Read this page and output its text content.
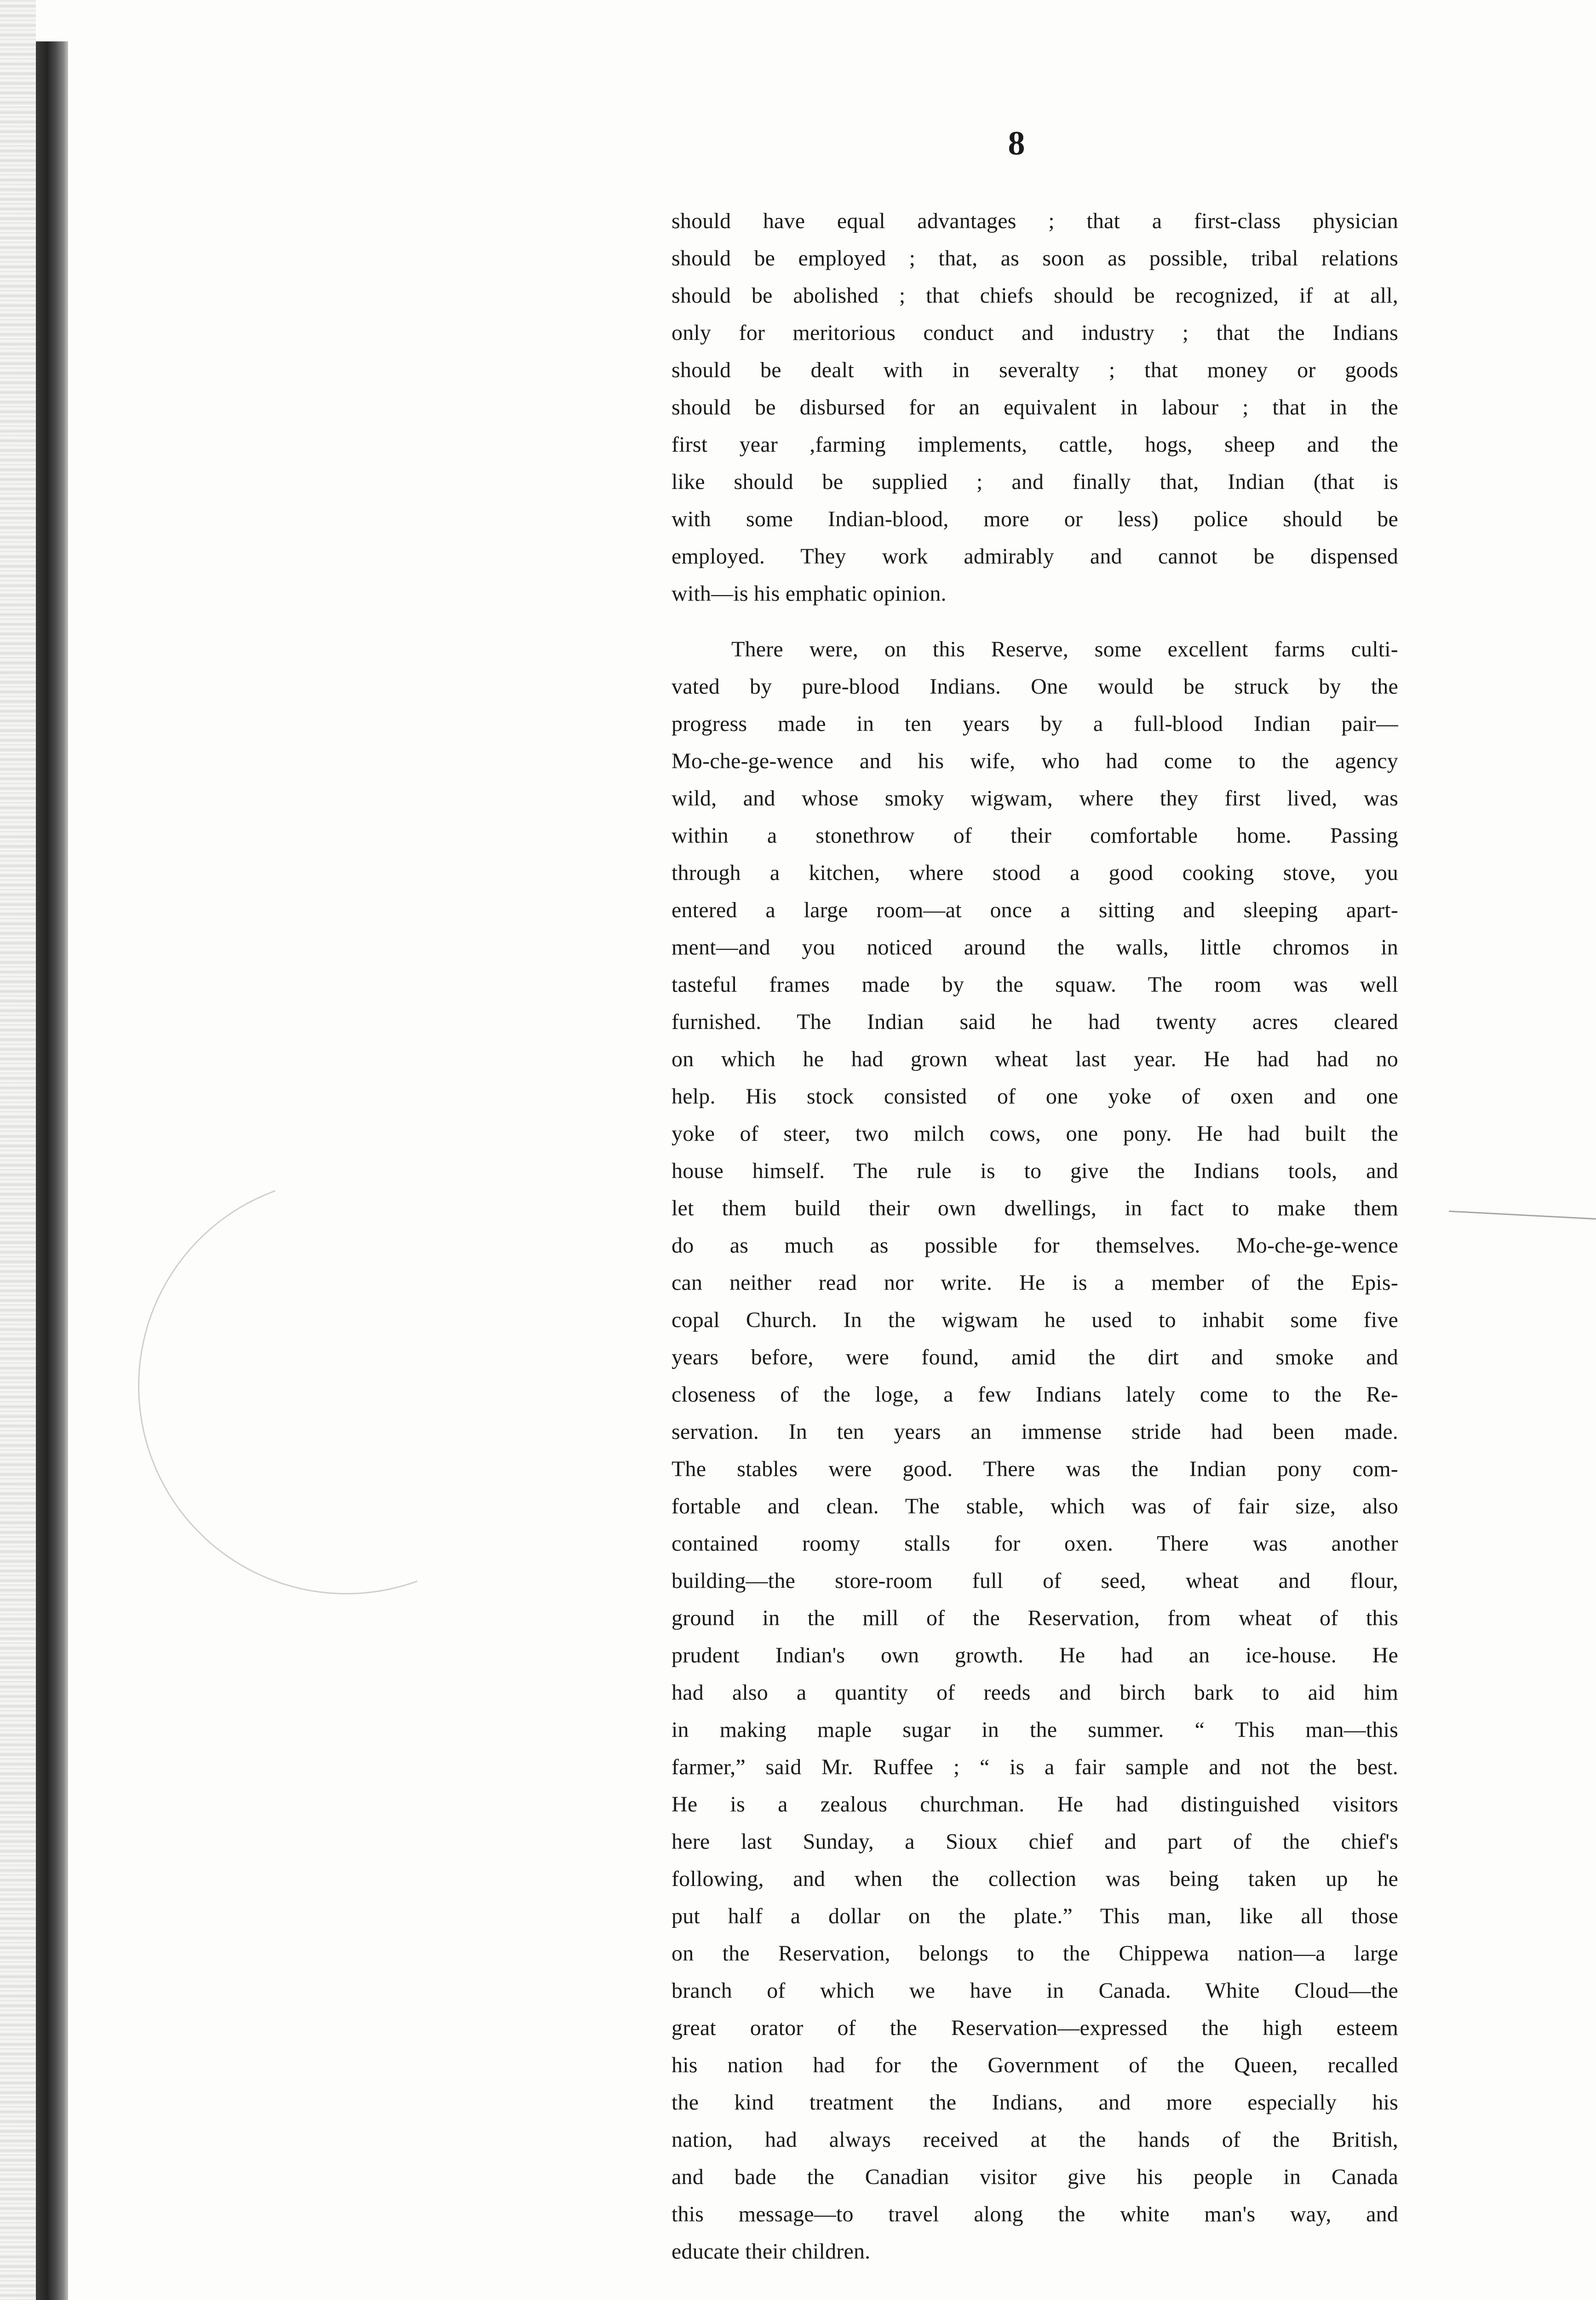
8
should have equal advantages ; that a first-class physician
should be employed ; that, as soon as possible, tribal relations
should be abolished ; that chiefs should be recognized, if at all,
only for meritorious conduct and industry ; that the Indians
should be dealt with in severalty ; that money or goods
should be disbursed for an equivalent in labour ; that in the
first year ,farming implements, cattle, hogs, sheep and the
like should be supplied ; and finally that, Indian (that is
with some Indian-blood, more or less) police should be
employed. They work admirably and cannot be dispensed
with—is his emphatic opinion.
There were, on this Reserve, some excellent farms culti-
vated by pure-blood Indians. One would be struck by the
progress made in ten years by a full-blood Indian pair—
Mo-che-ge-wence and his wife, who had come to the agency
wild, and whose smoky wigwam, where they first lived, was
within a stonethrow of their comfortable home. Passing
through a kitchen, where stood a good cooking stove, you
entered a large room—at once a sitting and sleeping apart-
ment—and you noticed around the walls, little chromos in
tasteful frames made by the squaw. The room was well
furnished. The Indian said he had twenty acres cleared
on which he had grown wheat last year. He had had no
help. His stock consisted of one yoke of oxen and one
yoke of steer, two milch cows, one pony. He had built the
house himself. The rule is to give the Indians tools, and
let them build their own dwellings, in fact to make them
do as much as possible for themselves. Mo-che-ge-wence
can neither read nor write. He is a member of the Epis-
copal Church. In the wigwam he used to inhabit some five
years before, were found, amid the dirt and smoke and
closeness of the loge, a few Indians lately come to the Re-
servation. In ten years an immense stride had been made.
The stables were good. There was the Indian pony com-
fortable and clean. The stable, which was of fair size, also
contained roomy stalls for oxen. There was another
building—the store-room full of seed, wheat and flour,
ground in the mill of the Reservation, from wheat of this
prudent Indian's own growth. He had an ice-house. He
had also a quantity of reeds and birch bark to aid him
in making maple sugar in the summer. “ This man—this
farmer,” said Mr. Ruffee ; “ is a fair sample and not the best.
He is a zealous churchman. He had distinguished visitors
here last Sunday, a Sioux chief and part of the chief's
following, and when the collection was being taken up he
put half a dollar on the plate.” This man, like all those
on the Reservation, belongs to the Chippewa nation—a large
branch of which we have in Canada. White Cloud—the
great orator of the Reservation—expressed the high esteem
his nation had for the Government of the Queen, recalled
the kind treatment the Indians, and more especially his
nation, had always received at the hands of the British,
and bade the Canadian visitor give his people in Canada
this message—to travel along the white man's way, and
educate their children.
